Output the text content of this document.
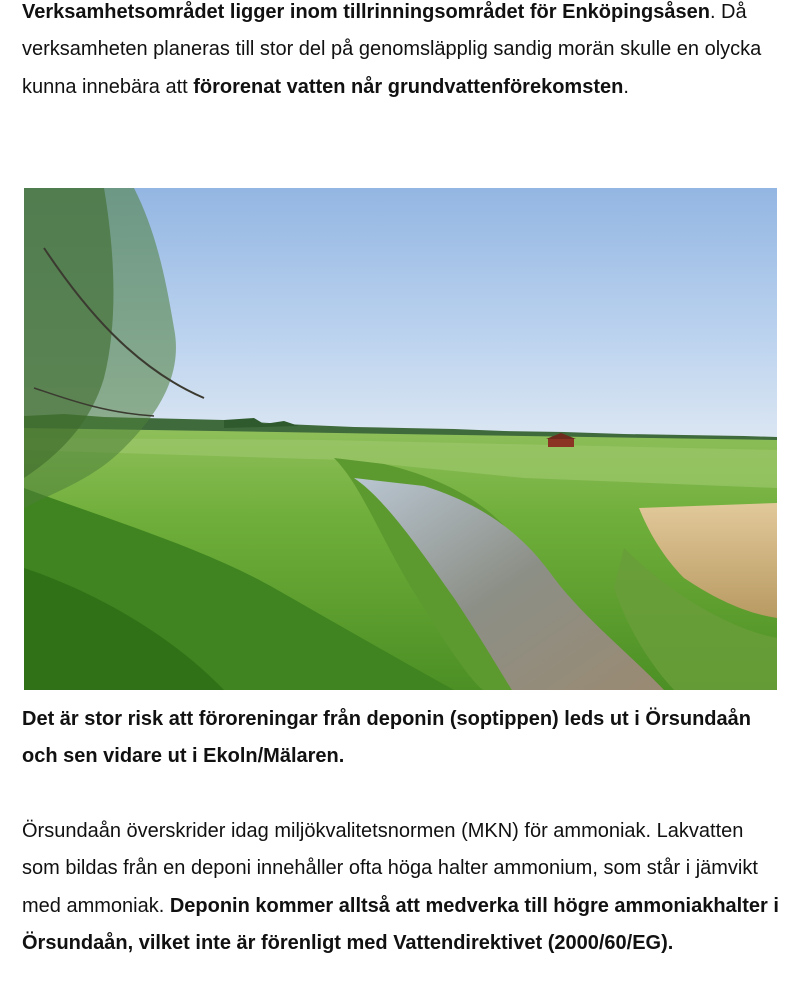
Verksamhetsområdet ligger inom tillrinningsområdet för Enköpingsåsen. Då verksamheten planeras till stor del på genomsläpplig sandig morän skulle en olycka kunna innebära att förorenat vatten når grundvattenförekomsten.

Det är stor risk att föroreningar från deponin (soptippen) leds ut i Örsundaån och sen vidare ut i Ekoln/Mälaren.

Örsundaån överskrider idag miljökvalitetsnormen (MKN) för ammoniak. Lakvatten som bildas från en deponi innehåller ofta höga halter ammonium, som står i jämvikt med ammoniak. Deponin kommer alltså att medverka till högre ammoniakhalter i Örsundaån, vilket inte är förenligt med Vattendirektivet (2000/60/EG).
